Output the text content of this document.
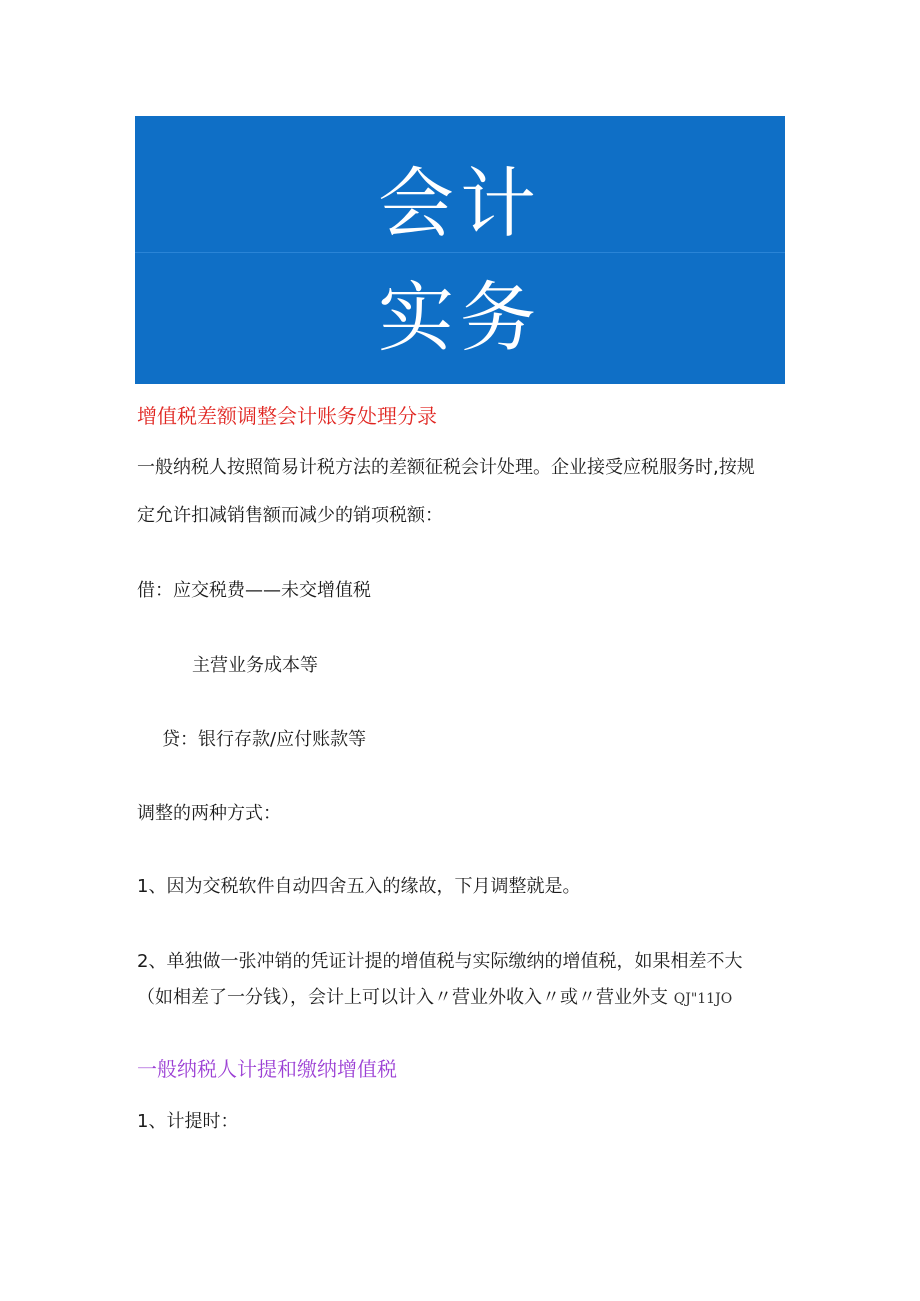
会计
实务
增值税差额调整会计账务处理分录
一般纳税人按照简易计税方法的差额征税会计处理。企业接受应税服务时,按规
定允许扣减销售额而减少的销项税额：
借：应交税费——未交增值税
主营业务成本等
贷：银行存款/应付账款等
调整的两种方式：
1、因为交税软件自动四舍五入的缘故，下月调整就是。
2、单独做一张冲销的凭证计提的增值税与实际缴纳的增值税，如果相差不大
（如相差了一分钱），会计上可以计入〃营业外收入〃或〃营业外支 QJ"11JO
一般纳税人计提和缴纳增值税
1、计提时：
